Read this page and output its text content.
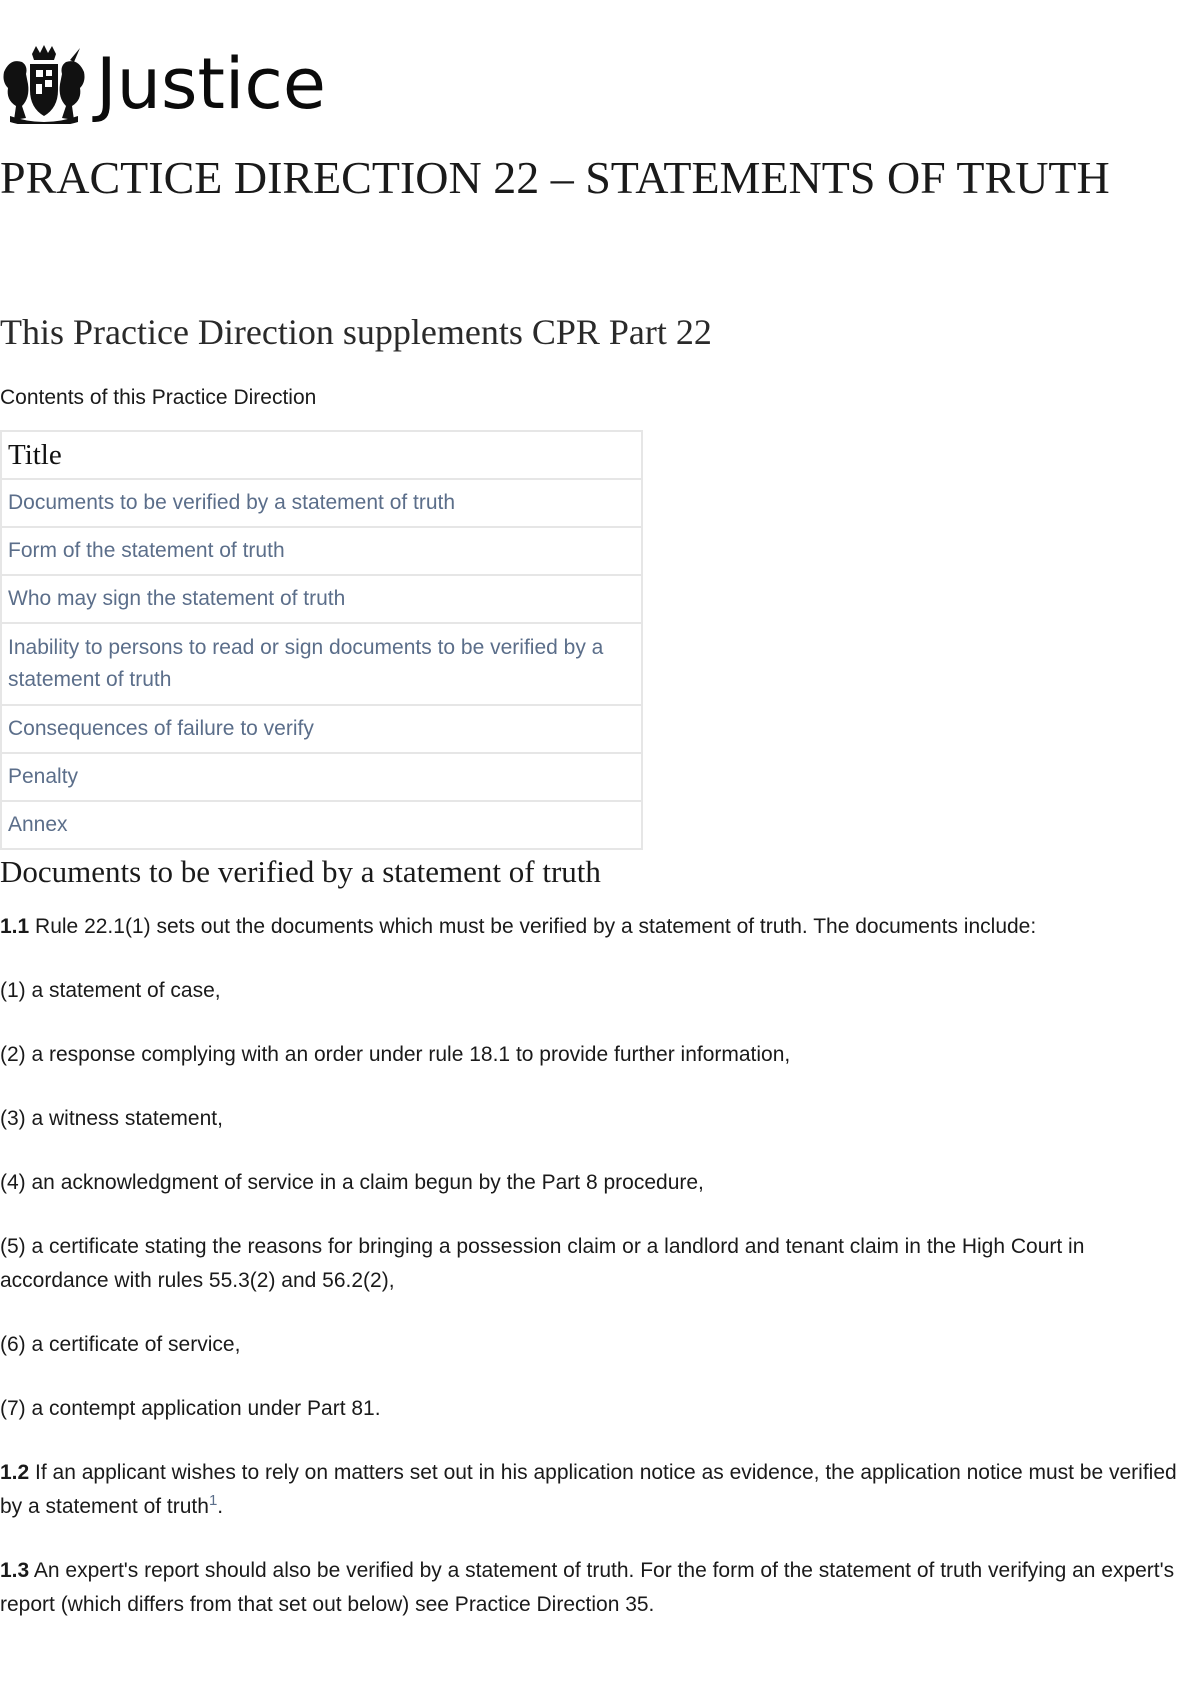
Justice
PRACTICE DIRECTION 22 – STATEMENTS OF TRUTH
This Practice Direction supplements CPR Part 22

Contents of this Practice Direction

Title
Documents to be verified by a statement of truth
Form of the statement of truth
Who may sign the statement of truth
Inability to persons to read or sign documents to be verified by a statement of truth
Consequences of failure to verify
Penalty
Annex
Documents to be verified by a statement of truth

1.1 Rule 22.1(1) sets out the documents which must be verified by a statement of truth. The documents include:

(1) a statement of case,

(2) a response complying with an order under rule 18.1 to provide further information,

(3) a witness statement,

(4) an acknowledgment of service in a claim begun by the Part 8 procedure,

(5) a certificate stating the reasons for bringing a possession claim or a landlord and tenant claim in the High Court in accordance with rules 55.3(2) and 56.2(2),

(6) a certificate of service,

(7) a contempt application under Part 81.

1.2 If an applicant wishes to rely on matters set out in his application notice as evidence, the application notice must be verified by a statement of truth$^1$.

1.3 An expert's report should also be verified by a statement of truth. For the form of the statement of truth verifying an expert's report (which differs from that set out below) see Practice Direction 35.
